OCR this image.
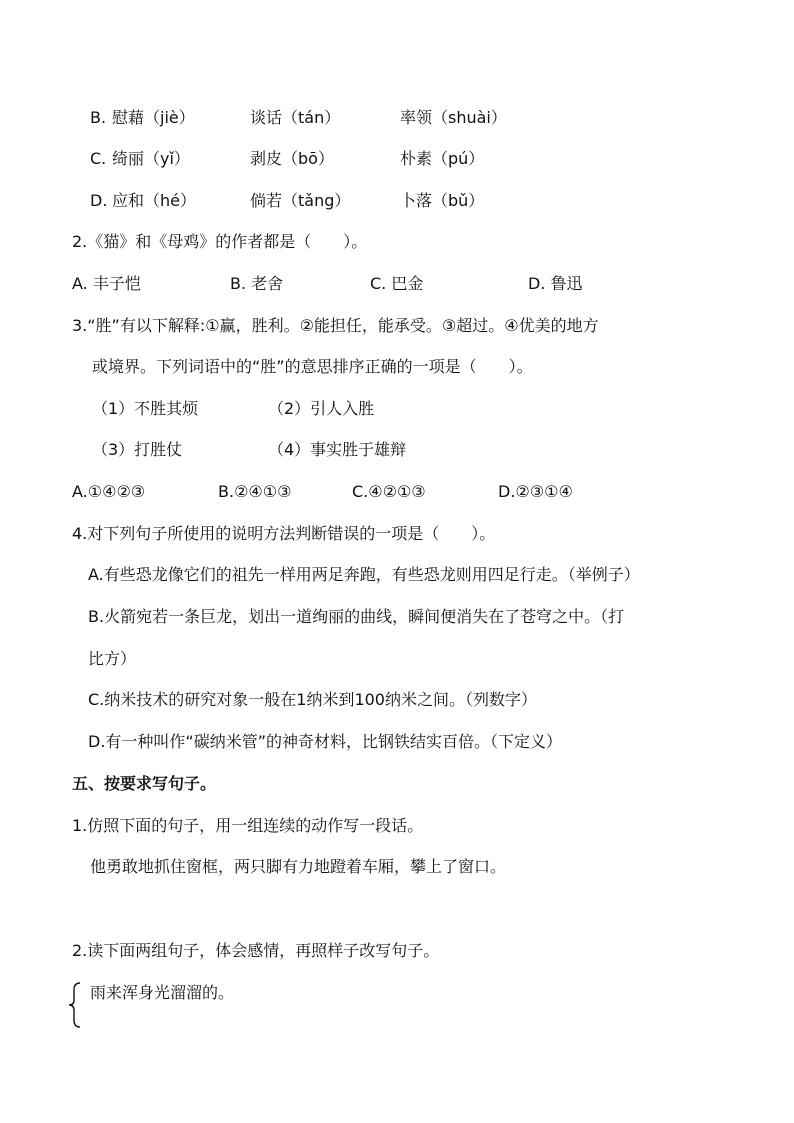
B. 慰藉（jiè）	谈话（tán）	率领（shuài）
C. 绮丽（yǐ）	剥皮（bō）	朴素（pú）
D. 应和（hé）	倘若（tǎng）	卜落（bǔ）
2.《猫》和《母鸡》的作者都是（　　）。
A. 丰子恺	B. 老舍	C. 巴金	D. 鲁迅
3.“胜”有以下解释:①赢，胜利。②能担任，能承受。③超过。④优美的地方
或境界。下列词语中的“胜”的意思排序正确的一项是（　　）。
（1）不胜其烦	（2）引人入胜
（3）打胜仗	（4）事实胜于雄辩
A.①④②③	B.②④①③	C.④②①③	D.②③①④
4.对下列句子所使用的说明方法判断错误的一项是（　　）。
A.有些恐龙像它们的祖先一样用两足奔跑，有些恐龙则用四足行走。（举例子）
B.火箭宛若一条巨龙，划出一道绚丽的曲线，瞬间便消失在了苍穹之中。（打
比方）
C.纳米技术的研究对象一般在1纳米到100纳米之间。（列数字）
D.有一种叫作“碳纳米管”的神奇材料，比钢铁结实百倍。（下定义）
五、按要求写句子。
1.仿照下面的句子，用一组连续的动作写一段话。
他勇敢地抓住窗框，两只脚有力地蹬着车厢，攀上了窗口。
2.读下面两组句子，体会感情，再照样子改写句子。
雨来浑身光溜溜的。
